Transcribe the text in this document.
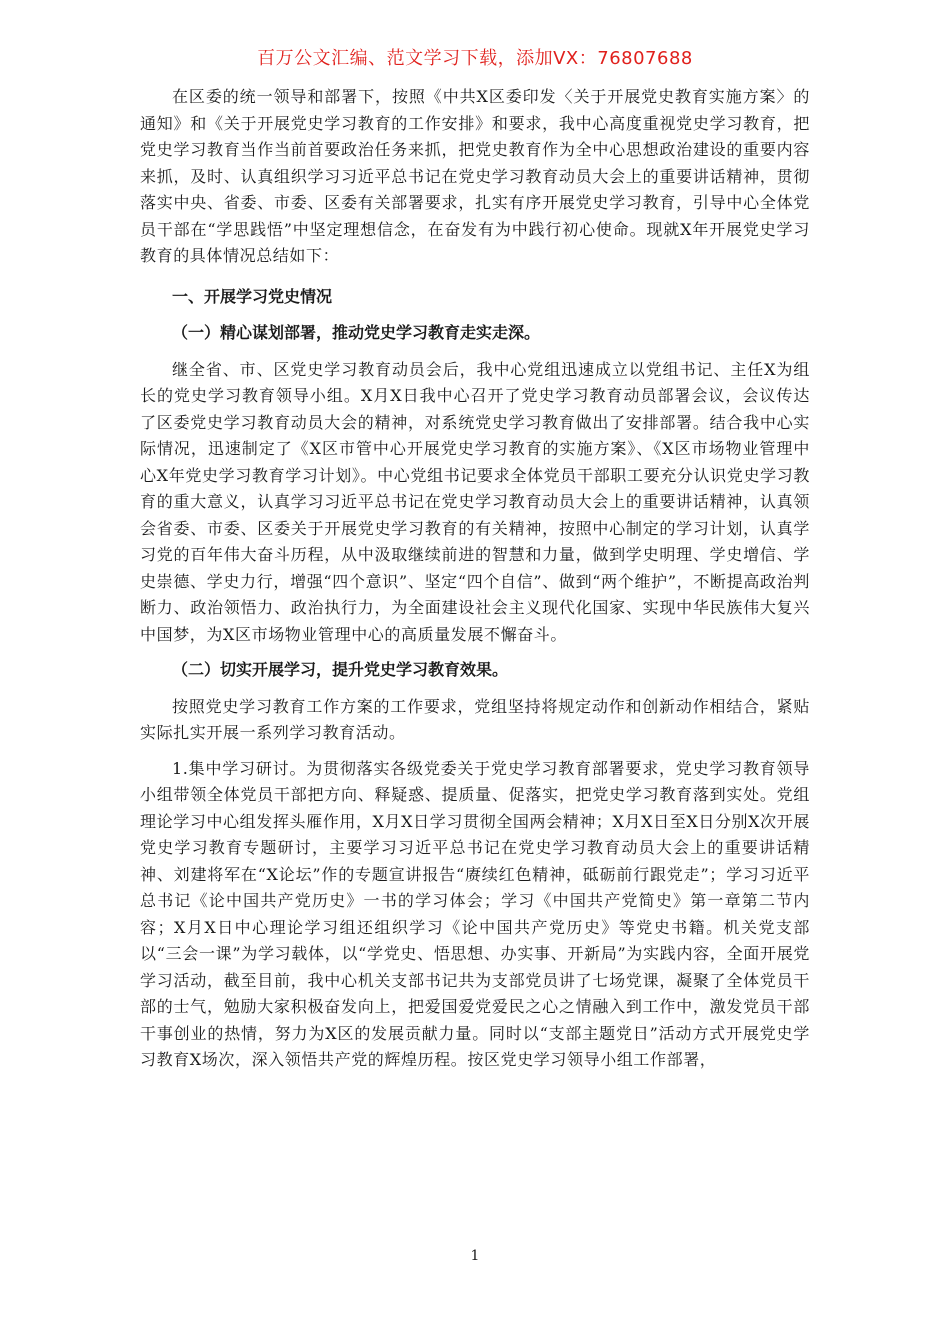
百万公文汇编、范文学习下载，添加VX：76807688

在区委的统一领导和部署下，按照《中共X区委印发〈关于开展党史教育实施方案〉的通知》和《关于开展党史学习教育的工作安排》和要求，我中心高度重视党史学习教育，把党史学习教育当作当前首要政治任务来抓，把党史教育作为全中心思想政治建设的重要内容来抓，及时、认真组织学习习近平总书记在党史学习教育动员大会上的重要讲话精神，贯彻落实中央、省委、市委、区委有关部署要求，扎实有序开展党史学习教育，引导中心全体党员干部在“学思践悟”中坚定理想信念，在奋发有为中践行初心使命。现就X年开展党史学习教育的具体情况总结如下：

一、开展学习党史情况

（一）精心谋划部署，推动党史学习教育走实走深。

继全省、市、区党史学习教育动员会后，我中心党组迅速成立以党组书记、主任X为组长的党史学习教育领导小组。X月X日我中心召开了党史学习教育动员部署会议，会议传达了区委党史学习教育动员大会的精神，对系统党史学习教育做出了安排部署。结合我中心实际情况，迅速制定了《X区市管中心开展党史学习教育的实施方案》、《X区市场物业管理中心X年党史学习教育学习计划》。中心党组书记要求全体党员干部职工要充分认识党史学习教育的重大意义，认真学习习近平总书记在党史学习教育动员大会上的重要讲话精神，认真领会省委、市委、区委关于开展党史学习教育的有关精神，按照中心制定的学习计划，认真学习党的百年伟大奋斗历程，从中汲取继续前进的智慧和力量，做到学史明理、学史增信、学史崇德、学史力行，增强“四个意识”、坚定“四个自信”、做到“两个维护”，不断提高政治判断力、政治领悟力、政治执行力，为全面建设社会主义现代化国家、实现中华民族伟大复兴中国梦，为X区市场物业管理中心的高质量发展不懈奋斗。

（二）切实开展学习，提升党史学习教育效果。

按照党史学习教育工作方案的工作要求，党组坚持将规定动作和创新动作相结合，紧贴实际扎实开展一系列学习教育活动。

1.集中学习研讨。为贯彻落实各级党委关于党史学习教育部署要求，党史学习教育领导小组带领全体党员干部把方向、释疑惑、提质量、促落实，把党史学习教育落到实处。党组理论学习中心组发挥头雁作用，X月X日学习贯彻全国两会精神；X月X日至X日分别X次开展党史学习教育专题研讨，主要学习习近平总书记在党史学习教育动员大会上的重要讲话精神、刘建将军在“X论坛”作的专题宣讲报告“赓续红色精神，砥砺前行跟党走”；学习习近平总书记《论中国共产党历史》一书的学习体会；学习《中国共产党简史》第一章第二节内容；X月X日中心理论学习组还组织学习《论中国共产党历史》等党史书籍。机关党支部以“三会一课”为学习载体，以“学党史、悟思想、办实事、开新局”为实践内容，全面开展党学习活动，截至目前，我中心机关支部书记共为支部党员讲了七场党课，凝聚了全体党员干部的士气，勉励大家积极奋发向上，把爱国爱党爱民之心之情融入到工作中，激发党员干部干事创业的热情，努力为X区的发展贡献力量。同时以“支部主题党日”活动方式开展党史学习教育X场次，深入领悟共产党的辉煌历程。按区党史学习领导小组工作部署，

1
